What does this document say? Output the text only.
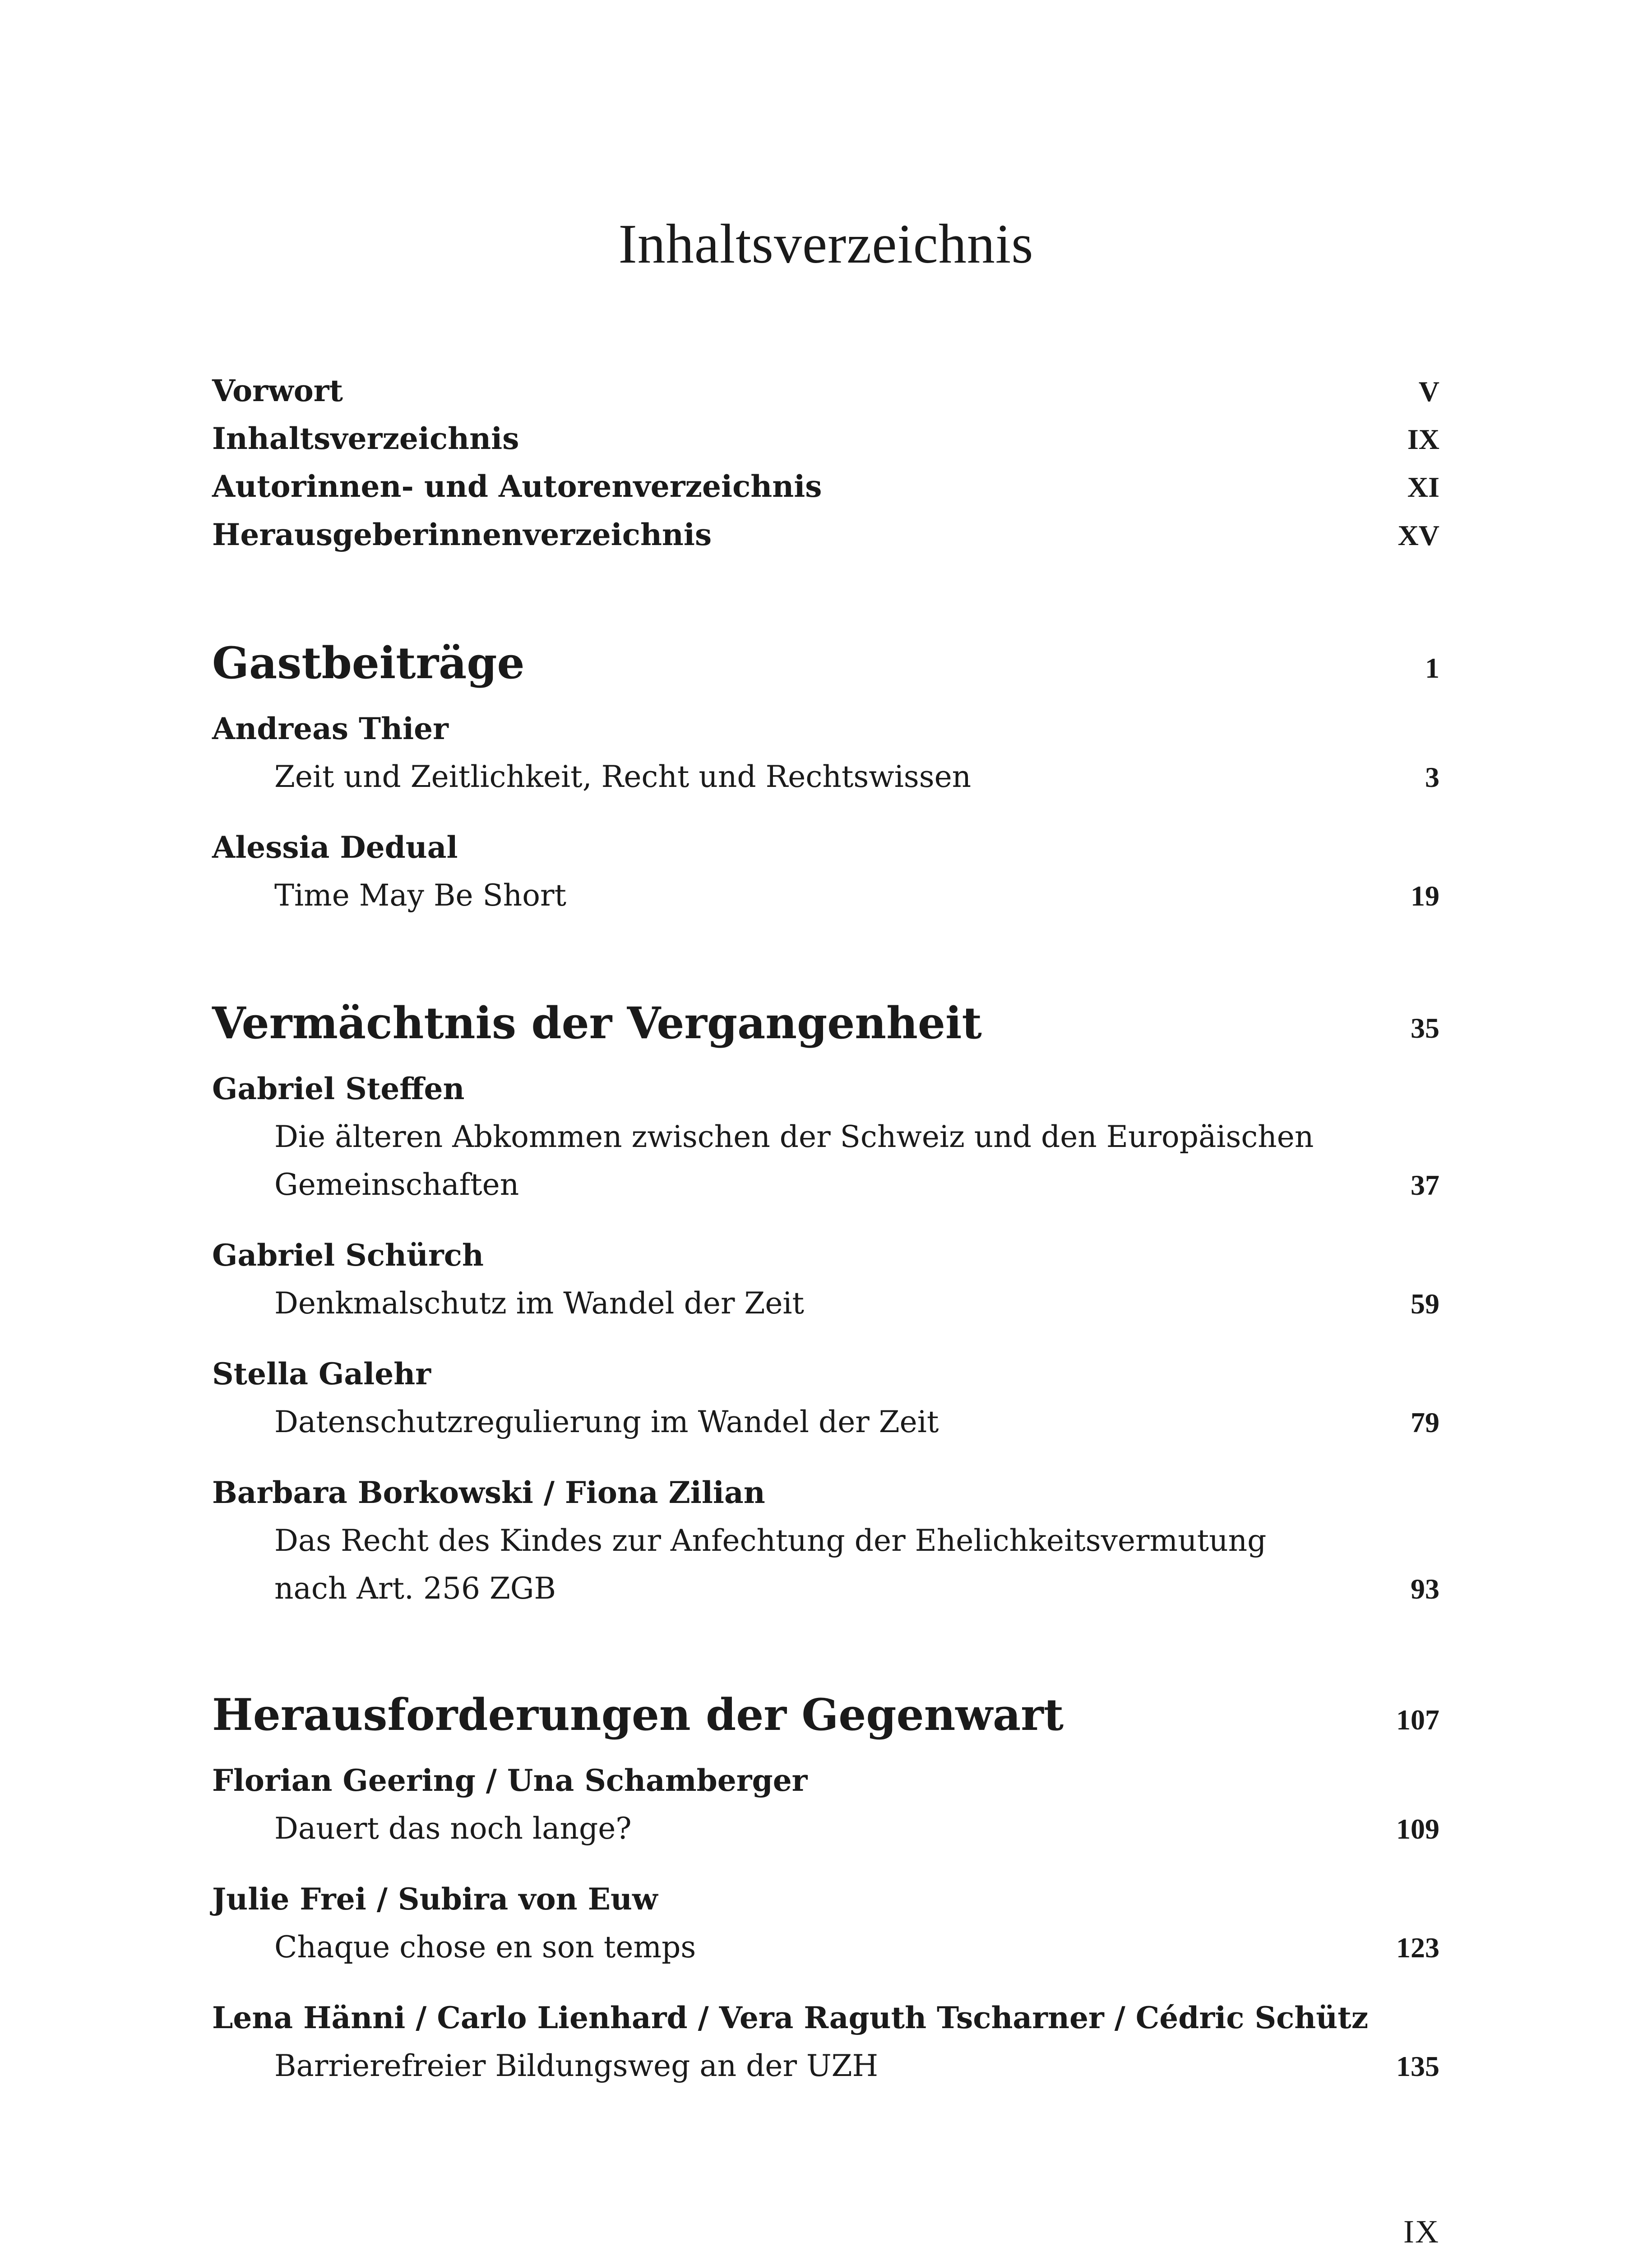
Inhaltsverzeichnis
Vorwort	V
Inhaltsverzeichnis	IX
Autorinnen- und Autorenverzeichnis	XI
Herausgeberinnenverzeichnis	XV
Gastbeiträge	1
Andreas Thier
Zeit und Zeitlichkeit, Recht und Rechtswissen	3
Alessia Dedual
Time May Be Short	19
Vermächtnis der Vergangenheit	35
Gabriel Steffen
Die älteren Abkommen zwischen der Schweiz und den Europäischen
Gemeinschaften	37
Gabriel Schürch
Denkmalschutz im Wandel der Zeit	59
Stella Galehr
Datenschutzregulierung im Wandel der Zeit	79
Barbara Borkowski / Fiona Zilian
Das Recht des Kindes zur Anfechtung der Ehelichkeitsvermutung
nach Art. 256 ZGB	93
Herausforderungen der Gegenwart	107
Florian Geering / Una Schamberger
Dauert das noch lange?	109
Julie Frei / Subira von Euw
Chaque chose en son temps	123
Lena Hänni / Carlo Lienhard / Vera Raguth Tscharner / Cédric Schütz
Barrierefreier Bildungsweg an der UZH	135
IX
